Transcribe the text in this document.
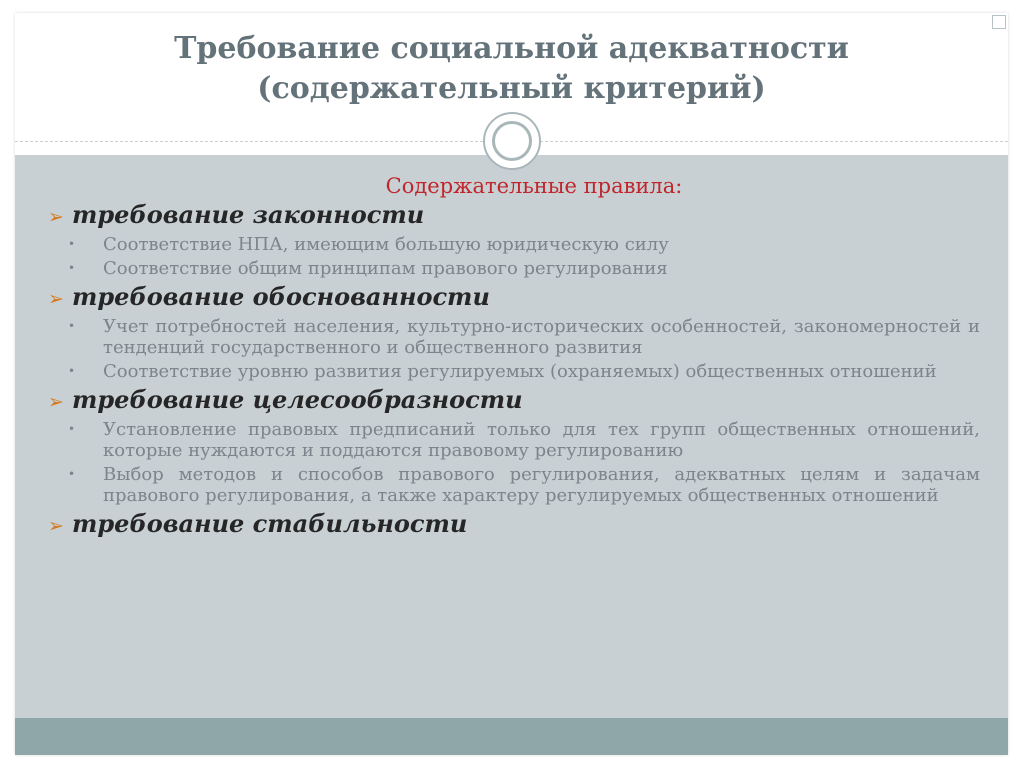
Требование социальной адекватности
(содержательный критерий)
Содержательные правила:
➢ требование законности
•	Соответствие НПА, имеющим большую юридическую силу
•	Соответствие общим принципам правового регулирования
➢ требование обоснованности
•	Учет потребностей населения, культурно-исторических особенностей, закономерностей и тенденций государственного и общественного развития
•	Соответствие уровню развития регулируемых (охраняемых) общественных отношений
➢ требование целесообразности
•	Установление правовых предписаний только для тех групп общественных отношений, которые нуждаются и поддаются правовому регулированию
•	Выбор методов и способов правового регулирования, адекватных целям и задачам правового регулирования, а также характеру регулируемых общественных отношений
➢ требование стабильности
